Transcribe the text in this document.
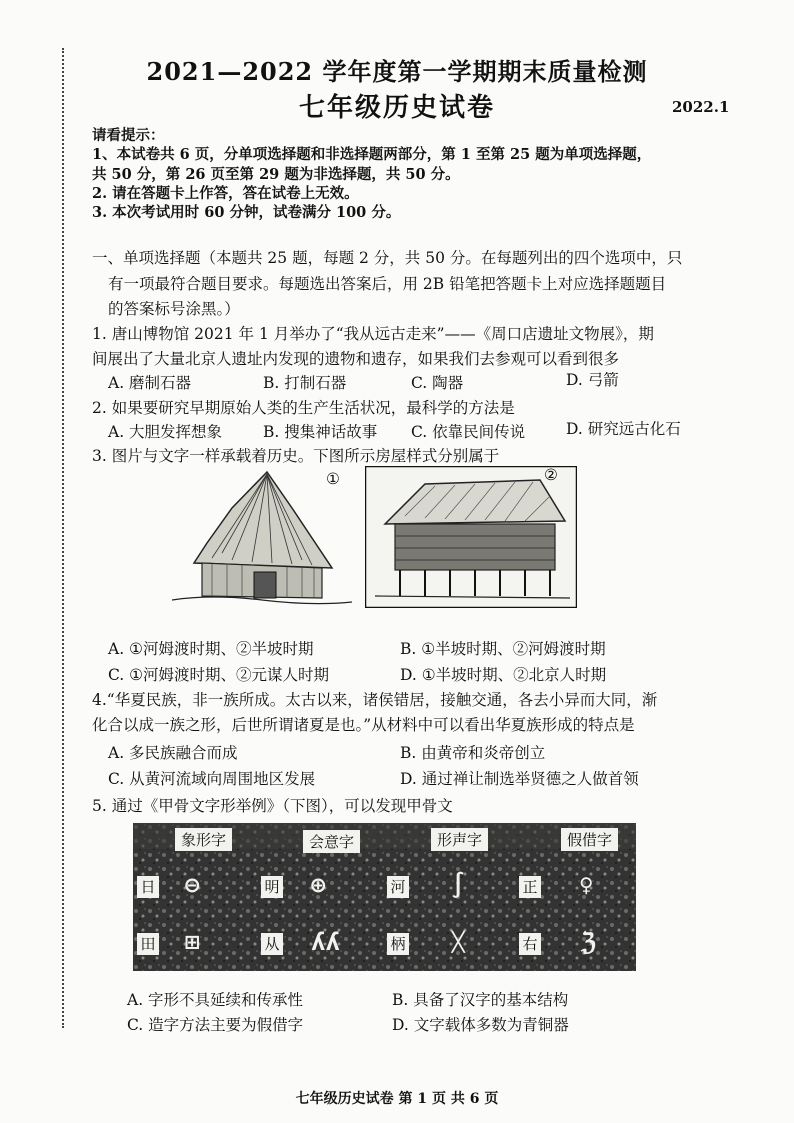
2021—2022 学年度第一学期期末质量检测
七年级历史试卷	2022.1
请看提示：
1、本试卷共 6 页，分单项选择题和非选择题两部分，第 1 至第 25 题为单项选择题，
共 50 分，第 26 页至第 29 题为非选择题，共 50 分。
2. 请在答题卡上作答，答在试卷上无效。
3. 本次考试用时 60 分钟，试卷满分 100 分。
一、单项选择题（本题共 25 题，每题 2 分，共 50 分。在每题列出的四个选项中，只
有一项最符合题目要求。每题选出答案后，用 2B 铅笔把答题卡上对应选择题题目
的答案标号涂黑。）
1. 唐山博物馆 2021 年 1 月举办了“我从远古走来”——《周口店遗址文物展》，期
间展出了大量北京人遗址内发现的遗物和遗存，如果我们去参观可以看到很多
A. 磨制石器	B. 打制石器	C. 陶器	D. 弓箭
2. 如果要研究早期原始人类的生产生活状况，最科学的方法是
A. 大胆发挥想象	B. 搜集神话故事 C. 依靠民间传说	D. 研究远古化石
3. 图片与文字一样承载着历史。下图所示房屋样式分别属于
①	②
A. ①河姆渡时期、②半坡时期	B. ①半坡时期、②河姆渡时期
C. ①河姆渡时期、②元谋人时期	D. ①半坡时期、②北京人时期
4.“华夏民族，非一族所成。太古以来，诸侯错居，接触交通，各去小异而大同，渐
化合以成一族之形，后世所谓诸夏是也。”从材料中可以看出华夏族形成的特点是
A. 多民族融合而成	B. 由黄帝和炎帝创立
C. 从黄河流域向周围地区发展	D. 通过禅让制选举贤德之人做首领
5. 通过《甲骨文字形举例》（下图），可以发现甲骨文
象形字	会意字	形声字	假借字
日 ⊖	明 ⊕	河 ∫	正 ♀
田 ⊞	从 ʎʎ	柄 ᚷ	右 ℨ
A. 字形不具延续和传承性	B. 具备了汉字的基本结构
C. 造字方法主要为假借字	D. 文字载体多数为青铜器
七年级历史试卷 第 1 页 共 6 页
